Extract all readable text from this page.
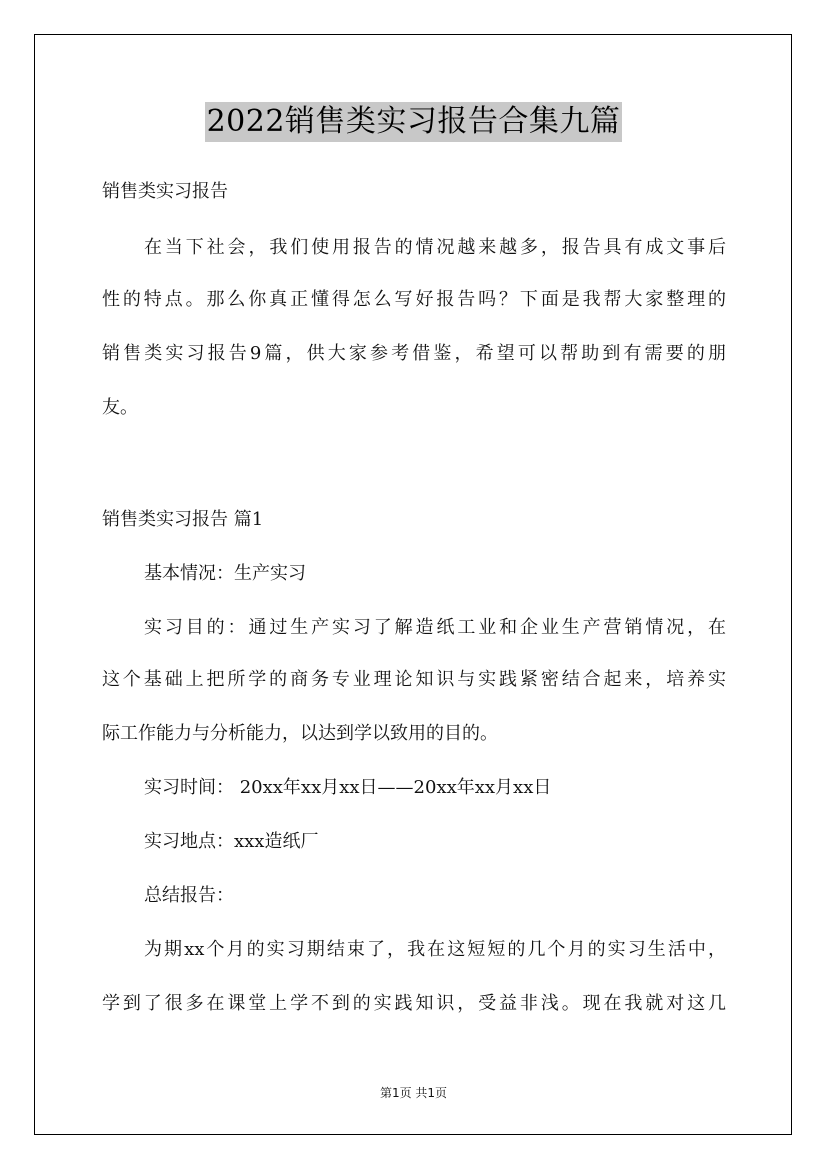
2022销售类实习报告合集九篇
销售类实习报告
在当下社会，我们使用报告的情况越来越多，报告具有成文事后
性的特点。那么你真正懂得怎么写好报告吗？下面是我帮大家整理的
销售类实习报告9篇，供大家参考借鉴，希望可以帮助到有需要的朋
友。
销售类实习报告 篇1
基本情况：生产实习
实习目的：通过生产实习了解造纸工业和企业生产营销情况，在
这个基础上把所学的商务专业理论知识与实践紧密结合起来，培养实
际工作能力与分析能力，以达到学以致用的目的。
实习时间： 20xx年xx月xx日——20xx年xx月xx日
实习地点：xxx造纸厂
总结报告：
为期xx个月的实习期结束了，我在这短短的几个月的实习生活中，
学到了很多在课堂上学不到的实践知识，受益非浅。现在我就对这几
第1页 共1页
